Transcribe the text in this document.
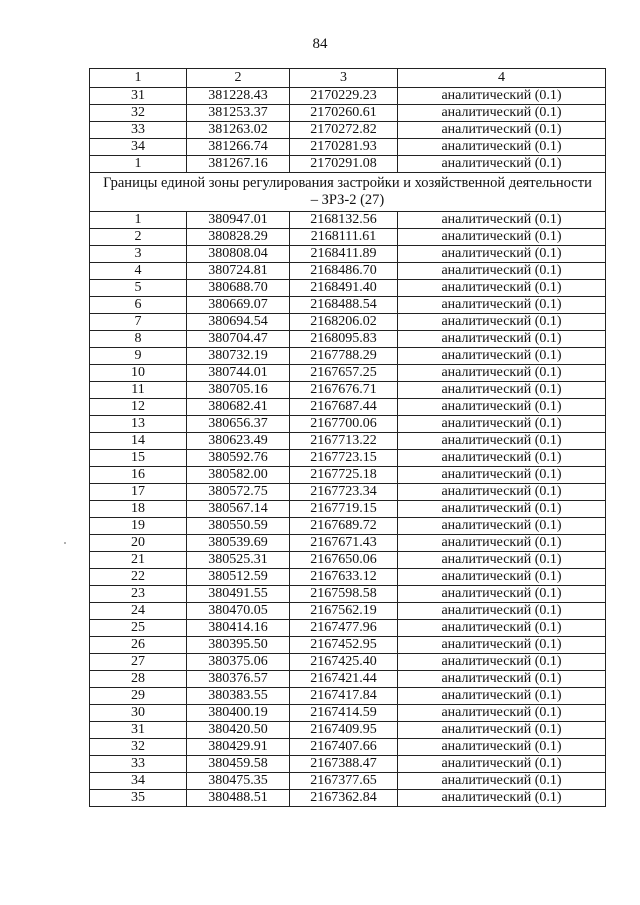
84
1	2	3	4
31	381228.43	2170229.23	аналитический (0.1)
32	381253.37	2170260.61	аналитический (0.1)
33	381263.02	2170272.82	аналитический (0.1)
34	381266.74	2170281.93	аналитический (0.1)
1	381267.16	2170291.08	аналитический (0.1)
Границы единой зоны регулирования застройки и хозяйственной деятельности – ЗРЗ-2 (27)			
1	380947.01	2168132.56	аналитический (0.1)
2	380828.29	2168111.61	аналитический (0.1)
3	380808.04	2168411.89	аналитический (0.1)
4	380724.81	2168486.70	аналитический (0.1)
5	380688.70	2168491.40	аналитический (0.1)
6	380669.07	2168488.54	аналитический (0.1)
7	380694.54	2168206.02	аналитический (0.1)
8	380704.47	2168095.83	аналитический (0.1)
9	380732.19	2167788.29	аналитический (0.1)
10	380744.01	2167657.25	аналитический (0.1)
11	380705.16	2167676.71	аналитический (0.1)
12	380682.41	2167687.44	аналитический (0.1)
13	380656.37	2167700.06	аналитический (0.1)
14	380623.49	2167713.22	аналитический (0.1)
15	380592.76	2167723.15	аналитический (0.1)
16	380582.00	2167725.18	аналитический (0.1)
17	380572.75	2167723.34	аналитический (0.1)
18	380567.14	2167719.15	аналитический (0.1)
19	380550.59	2167689.72	аналитический (0.1)
20	380539.69	2167671.43	аналитический (0.1)
21	380525.31	2167650.06	аналитический (0.1)
22	380512.59	2167633.12	аналитический (0.1)
23	380491.55	2167598.58	аналитический (0.1)
24	380470.05	2167562.19	аналитический (0.1)
25	380414.16	2167477.96	аналитический (0.1)
26	380395.50	2167452.95	аналитический (0.1)
27	380375.06	2167425.40	аналитический (0.1)
28	380376.57	2167421.44	аналитический (0.1)
29	380383.55	2167417.84	аналитический (0.1)
30	380400.19	2167414.59	аналитический (0.1)
31	380420.50	2167409.95	аналитический (0.1)
32	380429.91	2167407.66	аналитический (0.1)
33	380459.58	2167388.47	аналитический (0.1)
34	380475.35	2167377.65	аналитический (0.1)
35	380488.51	2167362.84	аналитический (0.1)
